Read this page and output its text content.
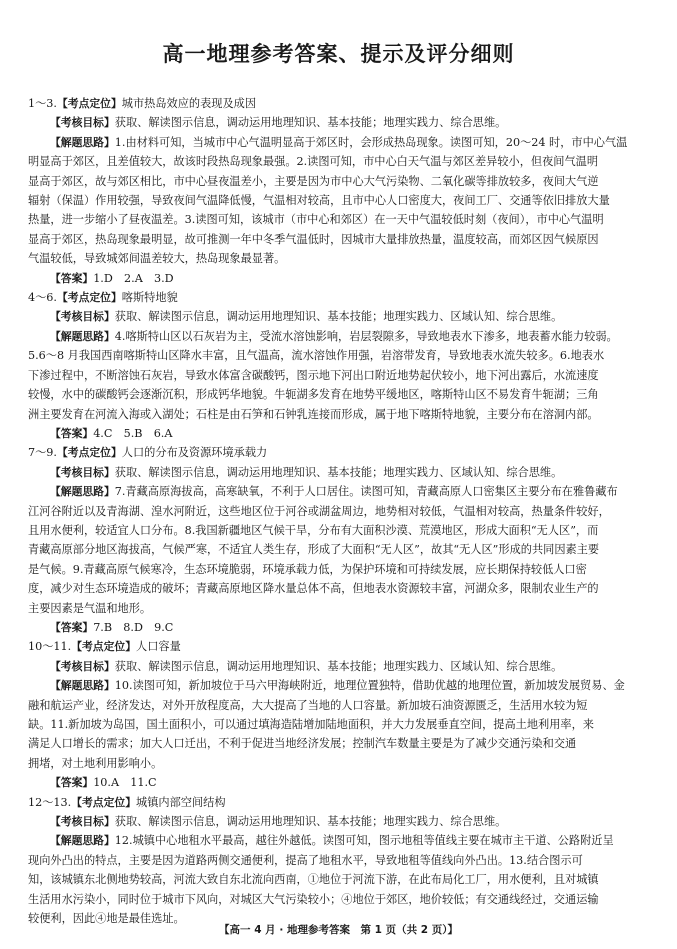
高一地理参考答案、提示及评分细则

1～3.【考点定位】城市热岛效应的表现及成因

【考核目标】获取、解读图示信息，调动运用地理知识、基本技能；地理实践力、综合思维。

【解题思路】1.由材料可知，当城市中心气温明显高于郊区时，会形成热岛现象。读图可知，20～24 时，市中心气温

明显高于郊区，且差值较大，故该时段热岛现象最强。2.读图可知，市中心白天气温与郊区差异较小，但夜间气温明

显高于郊区，故与郊区相比，市中心昼夜温差小，主要是因为市中心大气污染物、二氧化碳等排放较多，夜间大气逆

辐射（保温）作用较强，导致夜间气温降低慢，气温相对较高，且市中心人口密度大，夜间工厂、交通等依旧排放大量

热量，进一步缩小了昼夜温差。3.读图可知，该城市（市中心和郊区）在一天中气温较低时刻（夜间），市中心气温明

显高于郊区，热岛现象最明显，故可推测一年中冬季气温低时，因城市大量排放热量，温度较高，而郊区因气候原因

气温较低，导致城郊间温差较大，热岛现象最显著。

【答案】1.D　2.A　3.D

4～6.【考点定位】喀斯特地貌

【考核目标】获取、解读图示信息，调动运用地理知识、基本技能；地理实践力、区域认知、综合思维。

【解题思路】4.喀斯特山区以石灰岩为主，受流水溶蚀影响，岩层裂隙多，导致地表水下渗多，地表蓄水能力较弱。

5.6～8 月我国西南喀斯特山区降水丰富，且气温高，流水溶蚀作用强，岩溶带发育，导致地表水流失较多。6.地表水

下渗过程中，不断溶蚀石灰岩，导致水体富含碳酸钙，图示地下河出口附近地势起伏较小，地下河出露后，水流速度

较慢，水中的碳酸钙会逐渐沉积，形成钙华地貌。牛轭湖多发育在地势平缓地区，喀斯特山区不易发育牛轭湖；三角

洲主要发育在河流入海或入湖处；石柱是由石笋和石钟乳连接而形成，属于地下喀斯特地貌，主要分布在溶洞内部。

【答案】4.C　5.B　6.A

7～9.【考点定位】人口的分布及资源环境承载力

【考核目标】获取、解读图示信息，调动运用地理知识、基本技能；地理实践力、区域认知、综合思维。

【解题思路】7.青藏高原海拔高，高寒缺氧，不利于人口居住。读图可知，青藏高原人口密集区主要分布在雅鲁藏布

江河谷附近以及青海湖、湟水河附近，这些地区位于河谷或湖盆周边，地势相对较低，气温相对较高，热量条件较好，

且用水便利，较适宜人口分布。8.我国新疆地区气候干旱，分布有大面积沙漠、荒漠地区，形成大面积“无人区”，而

青藏高原部分地区海拔高，气候严寒，不适宜人类生存，形成了大面积“无人区”，故其“无人区”形成的共同因素主要

是气候。9.青藏高原气候寒冷，生态环境脆弱，环境承载力低，为保护环境和可持续发展，应长期保持较低人口密

度，减少对生态环境造成的破坏；青藏高原地区降水量总体不高，但地表水资源较丰富，河湖众多，限制农业生产的

主要因素是气温和地形。

【答案】7.B　8.D　9.C

10～11.【考点定位】人口容量

【考核目标】获取、解读图示信息，调动运用地理知识、基本技能；地理实践力、区域认知、综合思维。

【解题思路】10.读图可知，新加坡位于马六甲海峡附近，地理位置独特，借助优越的地理位置，新加坡发展贸易、金

融和航运产业，经济发达，对外开放程度高，大大提高了当地的人口容量。新加坡石油资源匮乏，生活用水较为短

缺。11.新加坡为岛国，国土面积小，可以通过填海造陆增加陆地面积，并大力发展垂直空间，提高土地利用率，来

满足人口增长的需求；加大人口迁出，不利于促进当地经济发展；控制汽车数量主要是为了减少交通污染和交通

拥堵，对土地利用影响小。

【答案】10.A　11.C

12～13.【考点定位】城镇内部空间结构

【考核目标】获取、解读图示信息，调动运用地理知识、基本技能；地理实践力、综合思维。

【解题思路】12.城镇中心地租水平最高，越往外越低。读图可知，图示地租等值线主要在城市主干道、公路附近呈

现向外凸出的特点，主要是因为道路两侧交通便利，提高了地租水平，导致地租等值线向外凸出。13.结合图示可

知，该城镇东北侧地势较高，河流大致自东北流向西南，①地位于河流下游，在此布局化工厂，用水便利，且对城镇

生活用水污染小，同时位于城市下风向，对城区大气污染较小；④地位于郊区，地价较低；有交通线经过，交通运输

较便利，因此④地是最佳选址。

【高一 4 月 · 地理参考答案　第 1 页（共 2 页）】
